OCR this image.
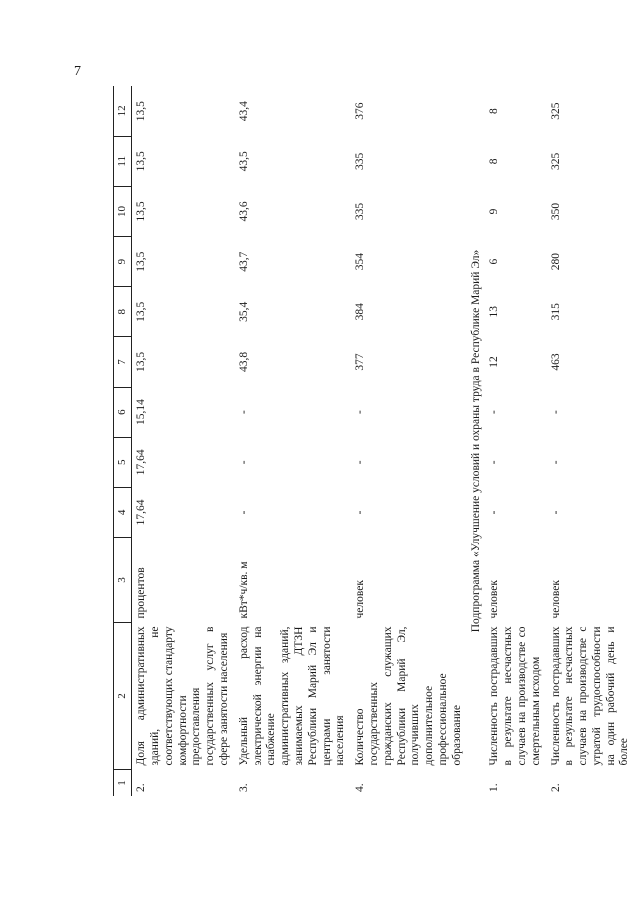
7
1	2	3	4	5	6	7	8	9	10	11	12
2.	Доля административных зданий, не соответствующих стандарту комфортности предоставления государственных услуг в сфере занятости населения	процентов	17,64	17,64	15,14	13,5	13,5	13,5	13,5	13,5	13,5
3.	Удельный расход электрической энергии на снабжение административных зданий, занимаемых ДТЗН Республики Марий Эл и центрами занятости населения	кВт*ч/кв. м	-	-	-	43,8	35,4	43,7	43,6	43,5	43,4
4.	Количество государственных гражданских служащих Республики Марий Эл, получивших дополнительное профессиональное образование	человек	-	-	-	377	384	354	335	335	376
Подпрограмма «Улучшение условий и охраны труда в Республике Марий Эл»											
1.	Численность пострадавших в результате несчастных случаев на производстве со смертельным исходом	человек	-	-	-	12	13	6	9	8	8
2.	Численность пострадавших в результате несчастных случаев на производстве с утратой трудоспособности на один рабочий день и более	человек	-	-	-	463	315	280	350	325	325
